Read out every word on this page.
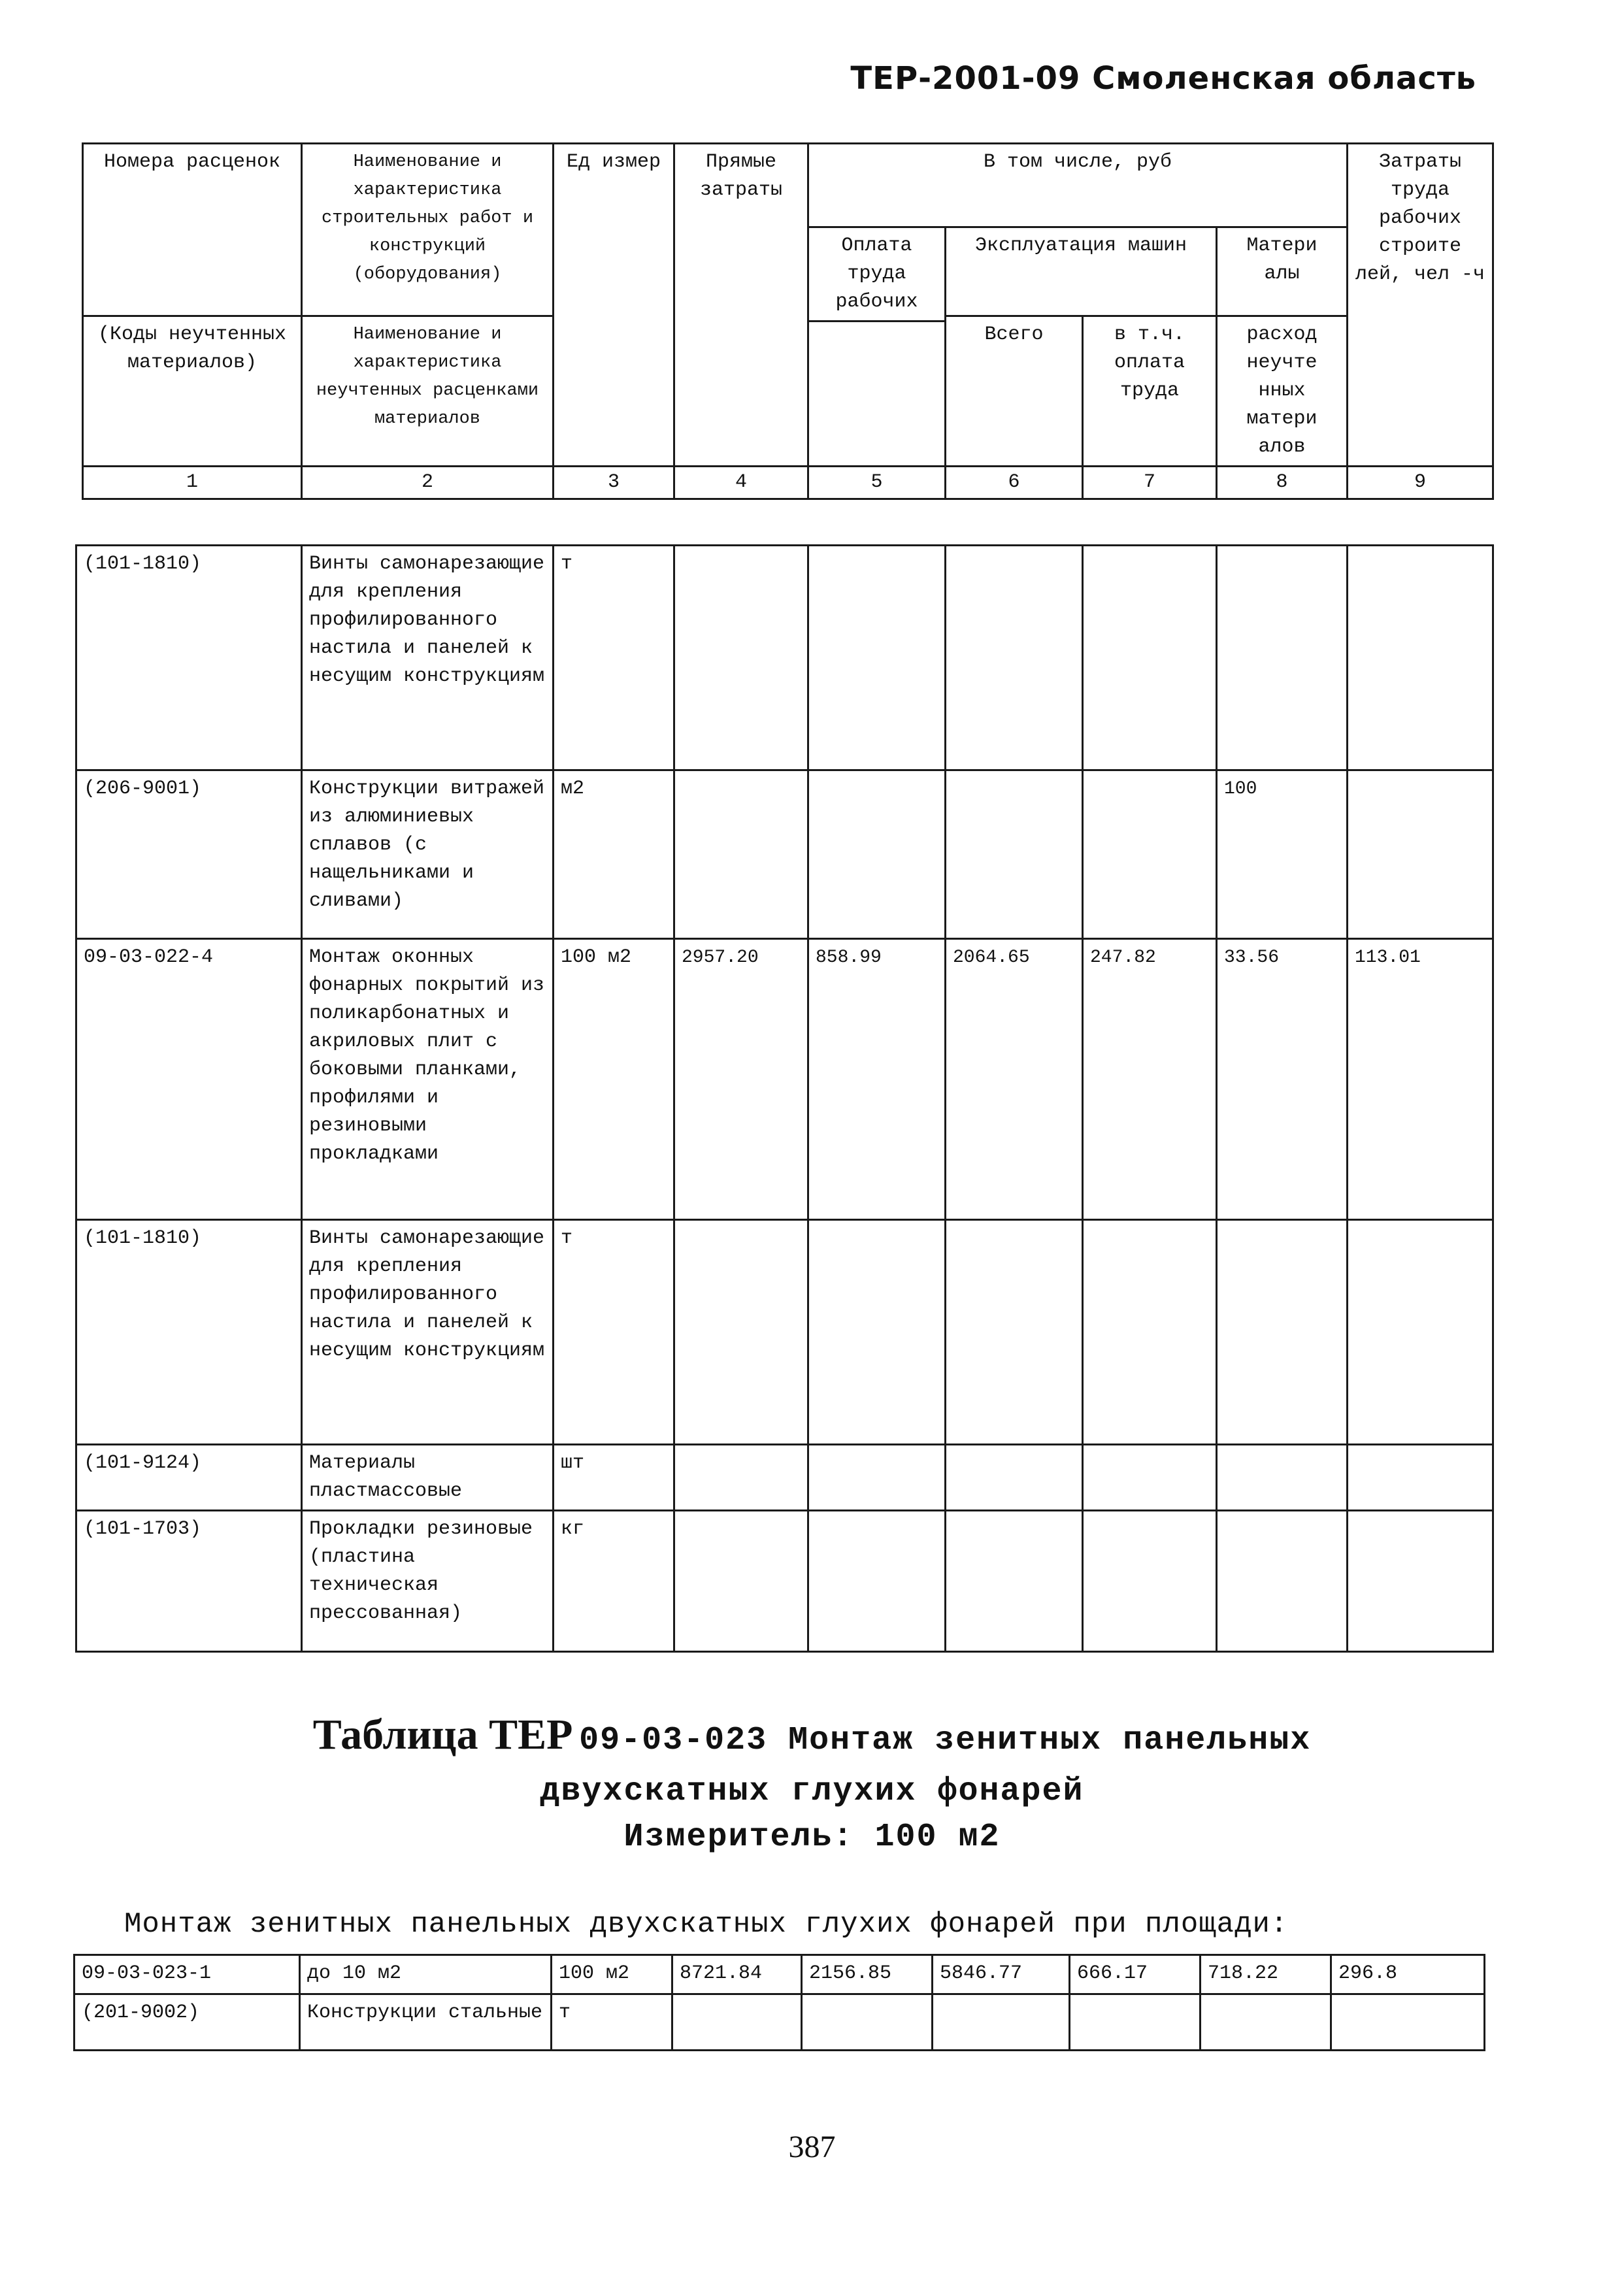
ТЕР-2001-09 Смоленская область
Номера расценок	Наименование и характеристика строительных работ и конструкций (оборудования)	Ед измер	Прямые затраты	В том числе, руб				Затраты труда рабочих строите лей, чел -ч
				Оплата труда рабочих	Эксплуатация машин		Матери алы	
(Коды неучтенных материалов)	Наименование и характеристика неучтенных расценками материалов				Всего	в т.ч. оплата труда	расход неучте нных матери алов	

1	2	3	4	5	6	7	8	9
(101-1810)	Винты самонарезающие для крепления профилированного настила и панелей к несущим конструкциям	т						
(206-9001)	Конструкции витражей из алюминиевых сплавов (с нащельниками и сливами)	м2					100	
09-03-022-4	Монтаж оконных фонарных покрытий из поликарбонатных и акриловых плит с боковыми планками, профилями и резиновыми прокладками	100 м2	2957.20	858.99	2064.65	247.82	33.56	113.01
(101-1810)	Винты самонарезающие для крепления профилированного настила и панелей к несущим конструкциям	т						
(101-9124)	Материалы пластмассовые	шт						
(101-1703)	Прокладки резиновые (пластина техническая прессованная)	кг						
Таблица ТЕР 09-03-023 Монтаж зенитных панельных
двухскатных глухих фонарей
Измеритель: 100 м2
Монтаж зенитных панельных двухскатных глухих фонарей при площади:
09-03-023-1	до 10 м2	100 м2	8721.84	2156.85	5846.77	666.17	718.22	296.8
(201-9002)	Конструкции стальные	т						
387
